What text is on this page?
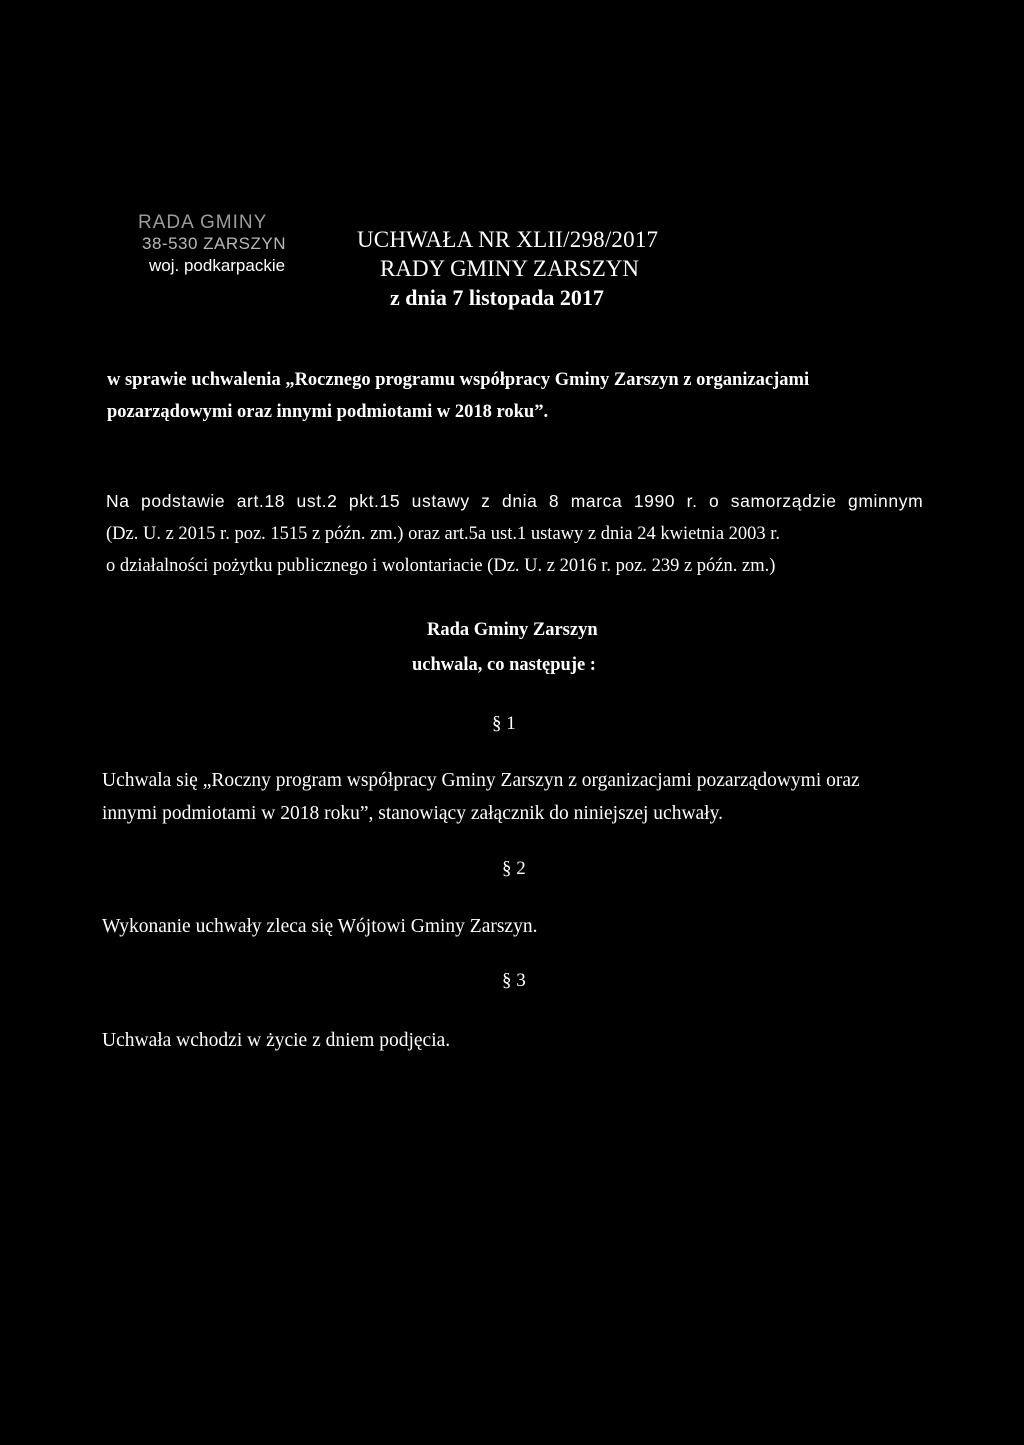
RADA GMINY
38-530 ZARSZYN
woj. podkarpackie
UCHWAŁA NR XLII/298/2017
RADY GMINY ZARSZYN
z dnia 7 listopada 2017
w sprawie uchwalenia „Rocznego programu współpracy Gminy Zarszyn z organizacjami
pozarządowymi oraz innymi podmiotami w 2018 roku”.
Na podstawie art.18 ust.2 pkt.15 ustawy z dnia 8 marca 1990 r. o samorządzie gminnym
(Dz. U. z 2015 r. poz. 1515 z późn. zm.) oraz art.5a ust.1 ustawy z dnia 24 kwietnia 2003 r.
o działalności pożytku publicznego i wolontariacie (Dz. U. z 2016 r. poz. 239 z późn. zm.)
Rada Gminy Zarszyn
uchwala, co następuje :
§ 1
Uchwala się „Roczny program współpracy Gminy Zarszyn z organizacjami pozarządowymi oraz
innymi podmiotami w 2018 roku”, stanowiący załącznik do niniejszej uchwały.
§ 2
Wykonanie uchwały zleca się Wójtowi Gminy Zarszyn.
§ 3
Uchwała wchodzi w życie z dniem podjęcia.
